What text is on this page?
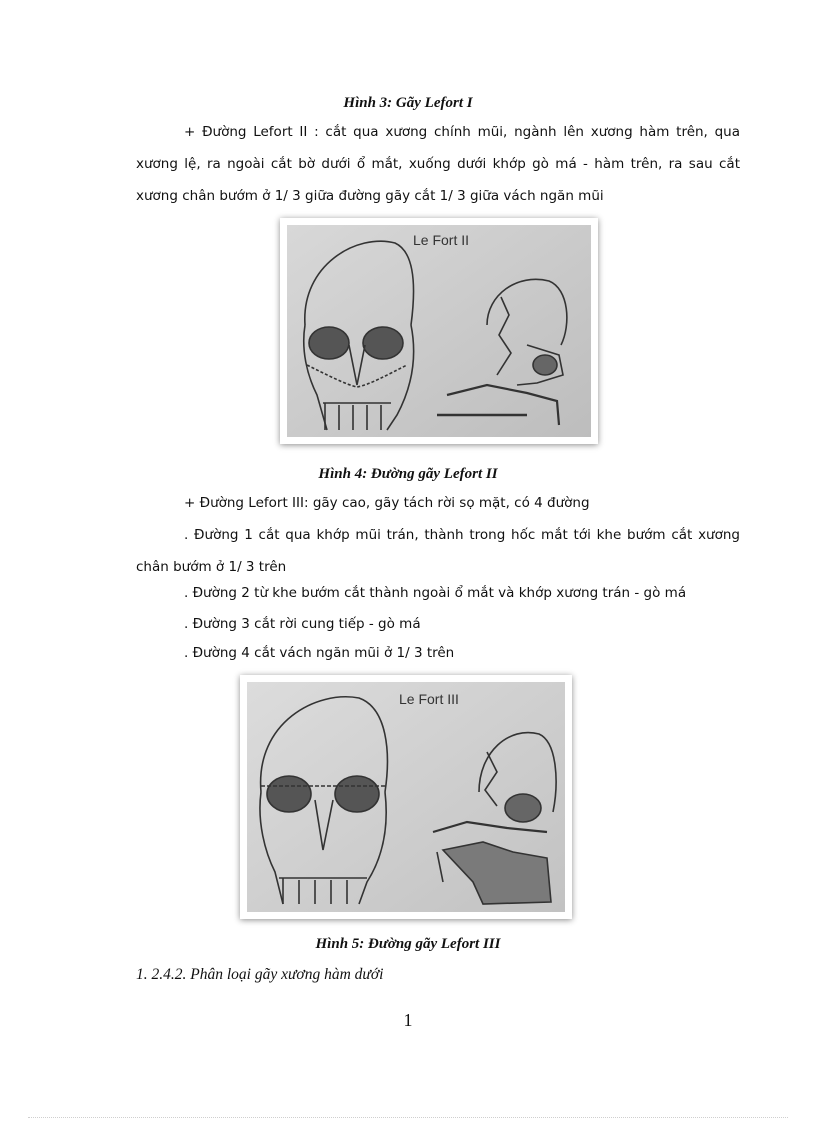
Hình 3: Gãy Lefort I
+ Đường Lefort II : cắt qua xương chính mũi, ngành lên xương hàm trên, qua xương lệ, ra ngoài cắt bờ dưới ổ mắt, xuống dưới khớp gò má - hàm trên, ra sau cắt xương chân bướm ở 1/ 3 giữa đường gãy cắt 1/ 3 giữa vách ngăn mũi
Le Fort II
Hình 4: Đường gãy Lefort II
+ Đường Lefort III: gãy cao, gãy tách rời sọ mặt, có 4 đường
. Đường 1 cắt qua khớp mũi trán, thành trong hốc mắt tới khe bướm cắt xương chân bướm ở 1/ 3 trên
. Đường 2 từ khe bướm cắt thành ngoài ổ mắt và khớp xương trán - gò má
. Đường 3 cắt rời cung tiếp - gò má
. Đường 4 cắt vách ngăn mũi ở 1/ 3 trên
Le Fort III
Hình 5: Đường gãy Lefort III
1. 2.4.2. Phân loại gãy xương hàm dưới
1
